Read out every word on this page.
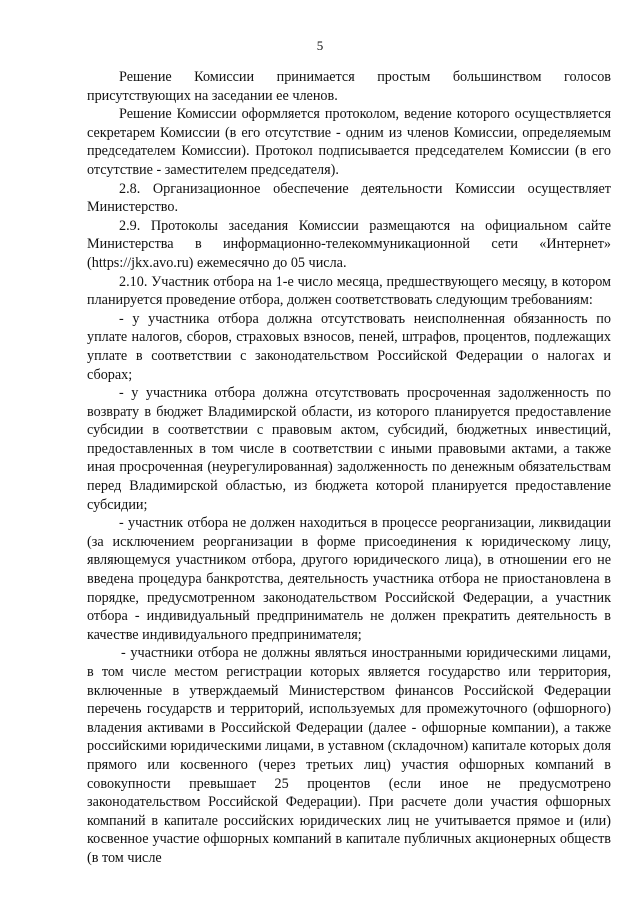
5

Решение Комиссии принимается простым большинством голосов присутствующих на заседании ее членов.

Решение Комиссии оформляется протоколом, ведение которого осуществляется секретарем Комиссии (в его отсутствие - одним из членов Комиссии, определяемым председателем Комиссии). Протокол подписывается председателем Комиссии (в его отсутствие - заместителем председателя).

2.8. Организационное обеспечение деятельности Комиссии осуществляет Министерство.

2.9. Протоколы заседания Комиссии размещаются на официальном сайте Министерства в информационно-телекоммуникационной сети «Интернет» (https://jkx.avo.ru) ежемесячно до 05 числа.

2.10. Участник отбора на 1-е число месяца, предшествующего месяцу, в котором планируется проведение отбора, должен соответствовать следующим требованиям:

- у участника отбора должна отсутствовать неисполненная обязанность по уплате налогов, сборов, страховых взносов, пеней, штрафов, процентов, подлежащих уплате в соответствии с законодательством Российской Федерации о налогах и сборах;

- у участника отбора должна отсутствовать просроченная задолженность по возврату в бюджет Владимирской области, из которого планируется предоставление субсидии в соответствии с правовым актом, субсидий, бюджетных инвестиций, предоставленных в том числе в соответствии с иными правовыми актами, а также иная просроченная (неурегулированная) задолженность по денежным обязательствам перед Владимирской областью, из бюджета которой планируется предоставление субсидии;

- участник отбора не должен находиться в процессе реорганизации, ликвидации (за исключением реорганизации в форме присоединения к юридическому лицу, являющемуся участником отбора, другого юридического лица), в отношении его не введена процедура банкротства, деятельность участника отбора не приостановлена в порядке, предусмотренном законодательством Российской Федерации, а участник отбора - индивидуальный предприниматель не должен прекратить деятельность в качестве индивидуального предпринимателя;

- участники отбора не должны являться иностранными юридическими лицами, в том числе местом регистрации которых является государство или территория, включенные в утверждаемый Министерством финансов Российской Федерации перечень государств и территорий, используемых для промежуточного (офшорного) владения активами в Российской Федерации (далее - офшорные компании), а также российскими юридическими лицами, в уставном (складочном) капитале которых доля прямого или косвенного (через третьих лиц) участия офшорных компаний в совокупности превышает 25 процентов (если иное не предусмотрено законодательством Российской Федерации). При расчете доли участия офшорных компаний в капитале российских юридических лиц не учитывается прямое и (или) косвенное участие офшорных компаний в капитале публичных акционерных обществ (в том числе
